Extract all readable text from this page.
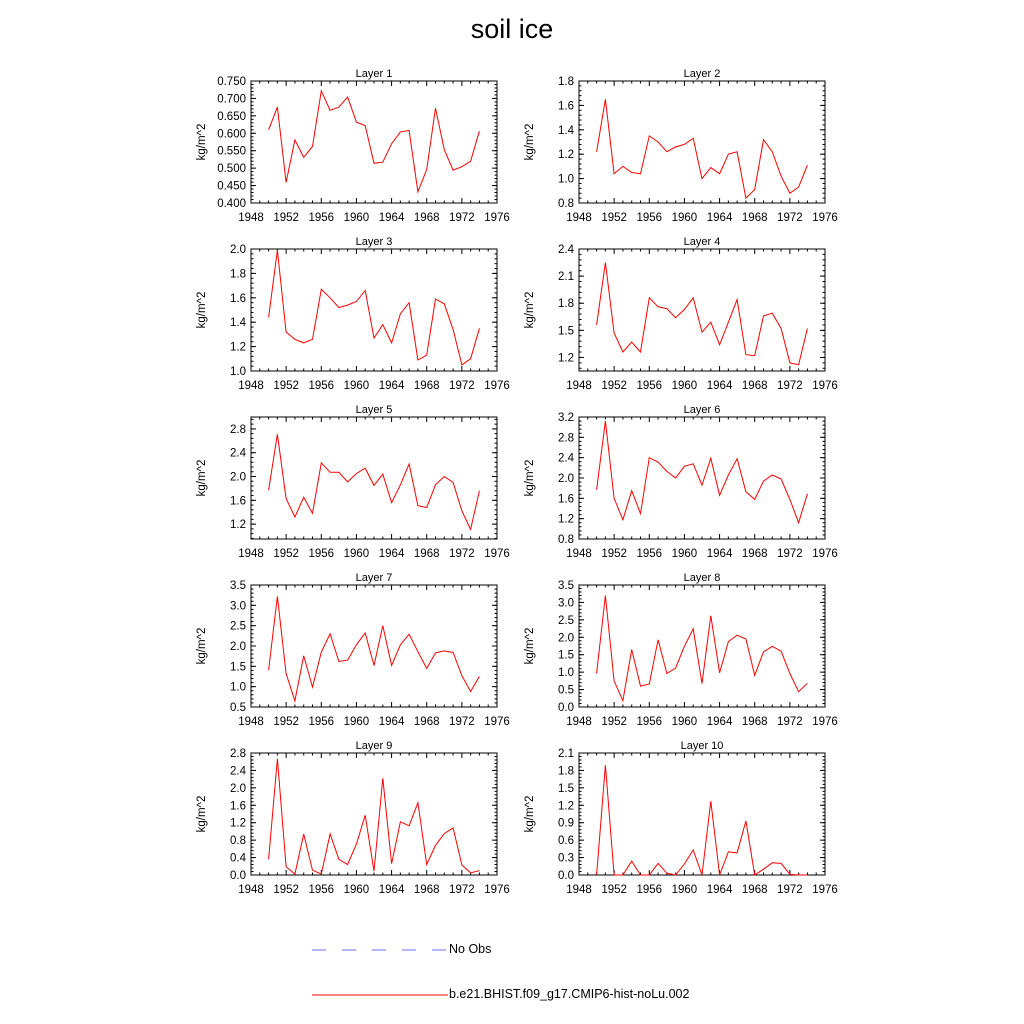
soil ice
Layer 1
kg/m^2
1948 1952 1956 1960 1964 1968 1972 1976
0.400
0.450
0.500
0.550
0.600
0.650
0.700
0.750
Layer 2
kg/m^2
1948 1952 1956 1960 1964 1968 1972 1976
0.8
1.0
1.2
1.4
1.6
1.8
Layer 3
kg/m^2
1948 1952 1956 1960 1964 1968 1972 1976
1.0
1.2
1.4
1.6
1.8
2.0
Layer 4
kg/m^2
1948 1952 1956 1960 1964 1968 1972 1976
1.2
1.5
1.8
2.1
2.4
Layer 5
kg/m^2
1948 1952 1956 1960 1964 1968 1972 1976
1.2
1.6
2.0
2.4
2.8
Layer 6
kg/m^2
1948 1952 1956 1960 1964 1968 1972 1976
0.8
1.2
1.6
2.0
2.4
2.8
3.2
Layer 7
kg/m^2
1948 1952 1956 1960 1964 1968 1972 1976
0.5
1.0
1.5
2.0
2.5
3.0
3.5
Layer 8
kg/m^2
1948 1952 1956 1960 1964 1968 1972 1976
0.0
0.5
1.0
1.5
2.0
2.5
3.0
3.5
Layer 9
kg/m^2
1948 1952 1956 1960 1964 1968 1972 1976
0.0
0.4
0.8
1.2
1.6
2.0
2.4
2.8
Layer 10
kg/m^2
1948 1952 1956 1960 1964 1968 1972 1976
0.0
0.3
0.6
0.9
1.2
1.5
1.8
2.1
No Obs
b.e21.BHIST.f09_g17.CMIP6-hist-noLu.002
